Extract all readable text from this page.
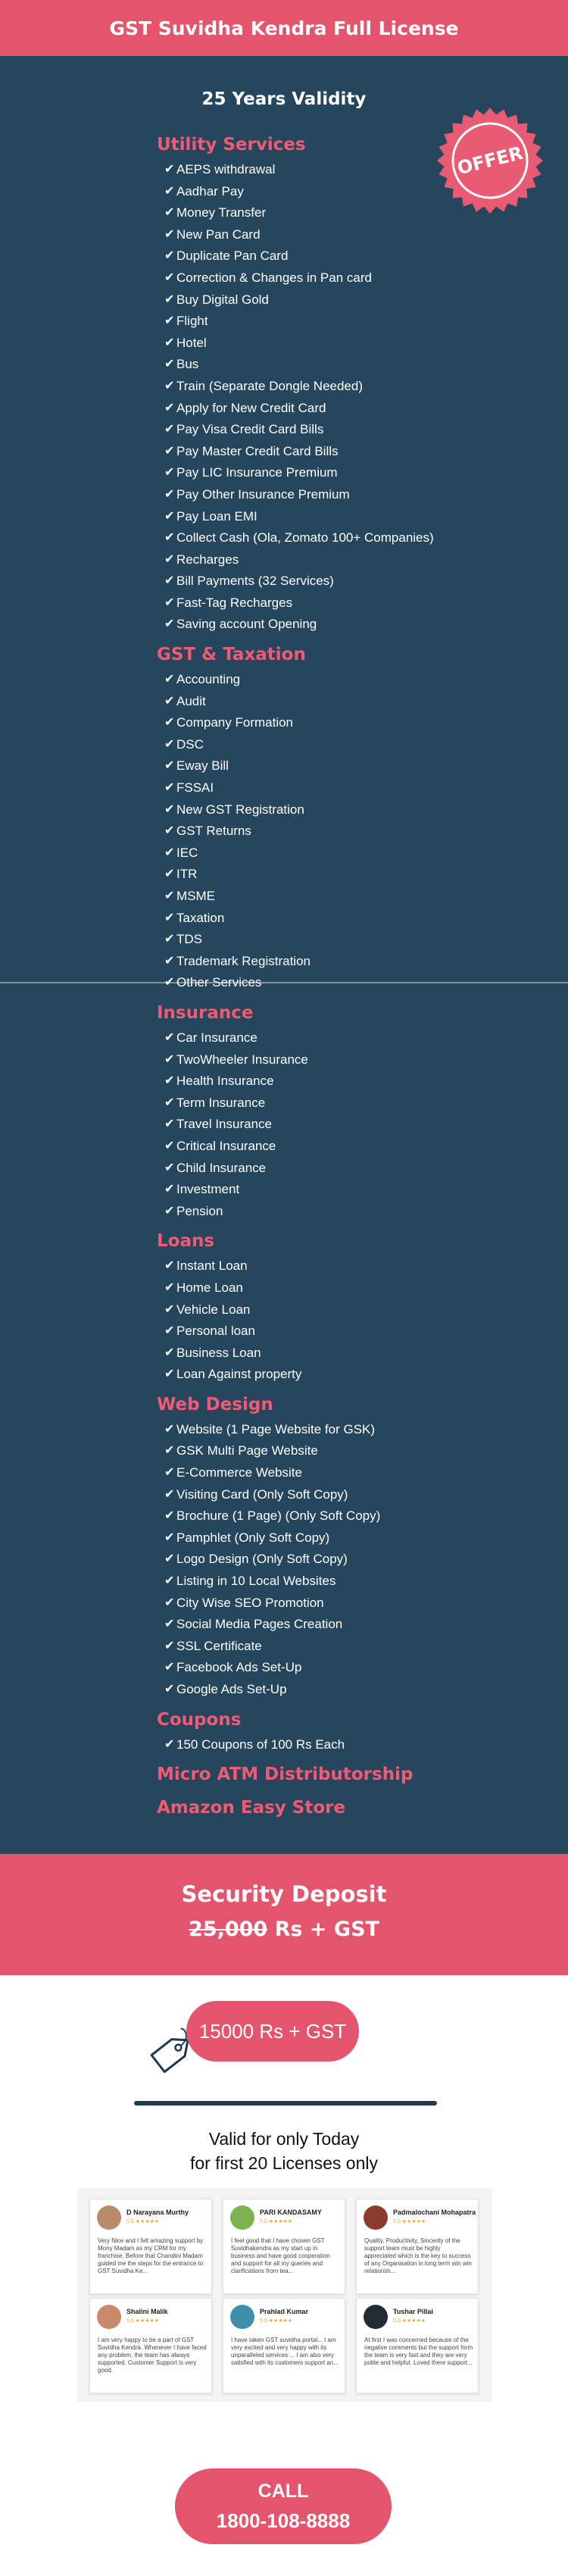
GST Suvidha Kendra Full License
25 Years Validity
OFFER
Utility Services
✔ AEPS withdrawal
✔ Aadhar Pay
✔ Money Transfer
✔ New Pan Card
✔ Duplicate Pan Card
✔ Correction & Changes in Pan card
✔ Buy Digital Gold
✔ Flight
✔ Hotel
✔ Bus
✔ Train (Separate Dongle Needed)
✔ Apply for New Credit Card
✔ Pay Visa Credit Card Bills
✔ Pay Master Credit Card Bills
✔ Pay LIC Insurance Premium
✔ Pay Other Insurance Premium
✔ Pay Loan EMI
✔ Collect Cash (Ola, Zomato 100+ Companies)
✔ Recharges
✔ Bill Payments (32 Services)
✔ Fast-Tag Recharges
✔ Saving account Opening
GST & Taxation
✔ Accounting
✔ Audit
✔ Company Formation
✔ DSC
✔ Eway Bill
✔ FSSAI
✔ New GST Registration
✔ GST Returns
✔ IEC
✔ ITR
✔ MSME
✔ Taxation
✔ TDS
✔ Trademark Registration
✔ Other Services
Insurance
✔ Car Insurance
✔ TwoWheeler Insurance
✔ Health Insurance
✔ Term Insurance
✔ Travel Insurance
✔ Critical Insurance
✔ Child Insurance
✔ Investment
✔ Pension
Loans
✔ Instant Loan
✔ Home Loan
✔ Vehicle Loan
✔ Personal loan
✔ Business Loan
✔ Loan Against property
Web Design
✔ Website (1 Page Website for GSK)
✔ GSK Multi Page Website
✔ E-Commerce Website
✔ Visiting Card (Only Soft Copy)
✔ Brochure (1 Page) (Only Soft Copy)
✔ Pamphlet (Only Soft Copy)
✔ Logo Design (Only Soft Copy)
✔ Listing in 10 Local Websites
✔ City Wise SEO Promotion
✔ Social Media Pages Creation
✔ SSL Certificate
✔ Facebook Ads Set-Up
✔ Google Ads Set-Up
Coupons
✔ 150 Coupons of 100 Rs Each
Micro ATM Distributorship
Amazon Easy Store
Security Deposit
25,000 Rs + GST
15000 Rs + GST
Valid for only Today
for first 20 Licenses only
D Narayana Murthy
5.0 ★★★★★
Very Nice and I felt amazing support by Mony Madam as my CRM for my franchise. Before that Chandini Madam guided me the steps for the entrance to GST Suvidha Ke...
PARI KANDASAMY
5.0 ★★★★★
I feel good that I have chosen GST Suvidhakendra as my start up in business and have good cooperation and support for all my queries and clarifications from tea...
Padmalochani Mohapatra
5.0 ★★★★★
Quality, Productivity, Sincerity of the support team must be highly appreciated which is the key to success of any Organisation in long term win win relationsh...
Shalini Malik
5.0 ★★★★★
I am very happy to be a part of GST Suvidha Kendra. Whenever I have faced any problem, the team has always supported. Customer Support is very good.
Prahlad Kumar
5.0 ★★★★★
I have taken GST suvidha portal... I am very excited and very happy with its unparalleled services ... I am also very satisfied with its customers support an...
Tushar Pillai
5.0 ★★★★★
At first I was concerned because of the negative comments but the support form the team is very fast and they are very polite and helpful. Loved there support...
CALL
1800-108-8888
